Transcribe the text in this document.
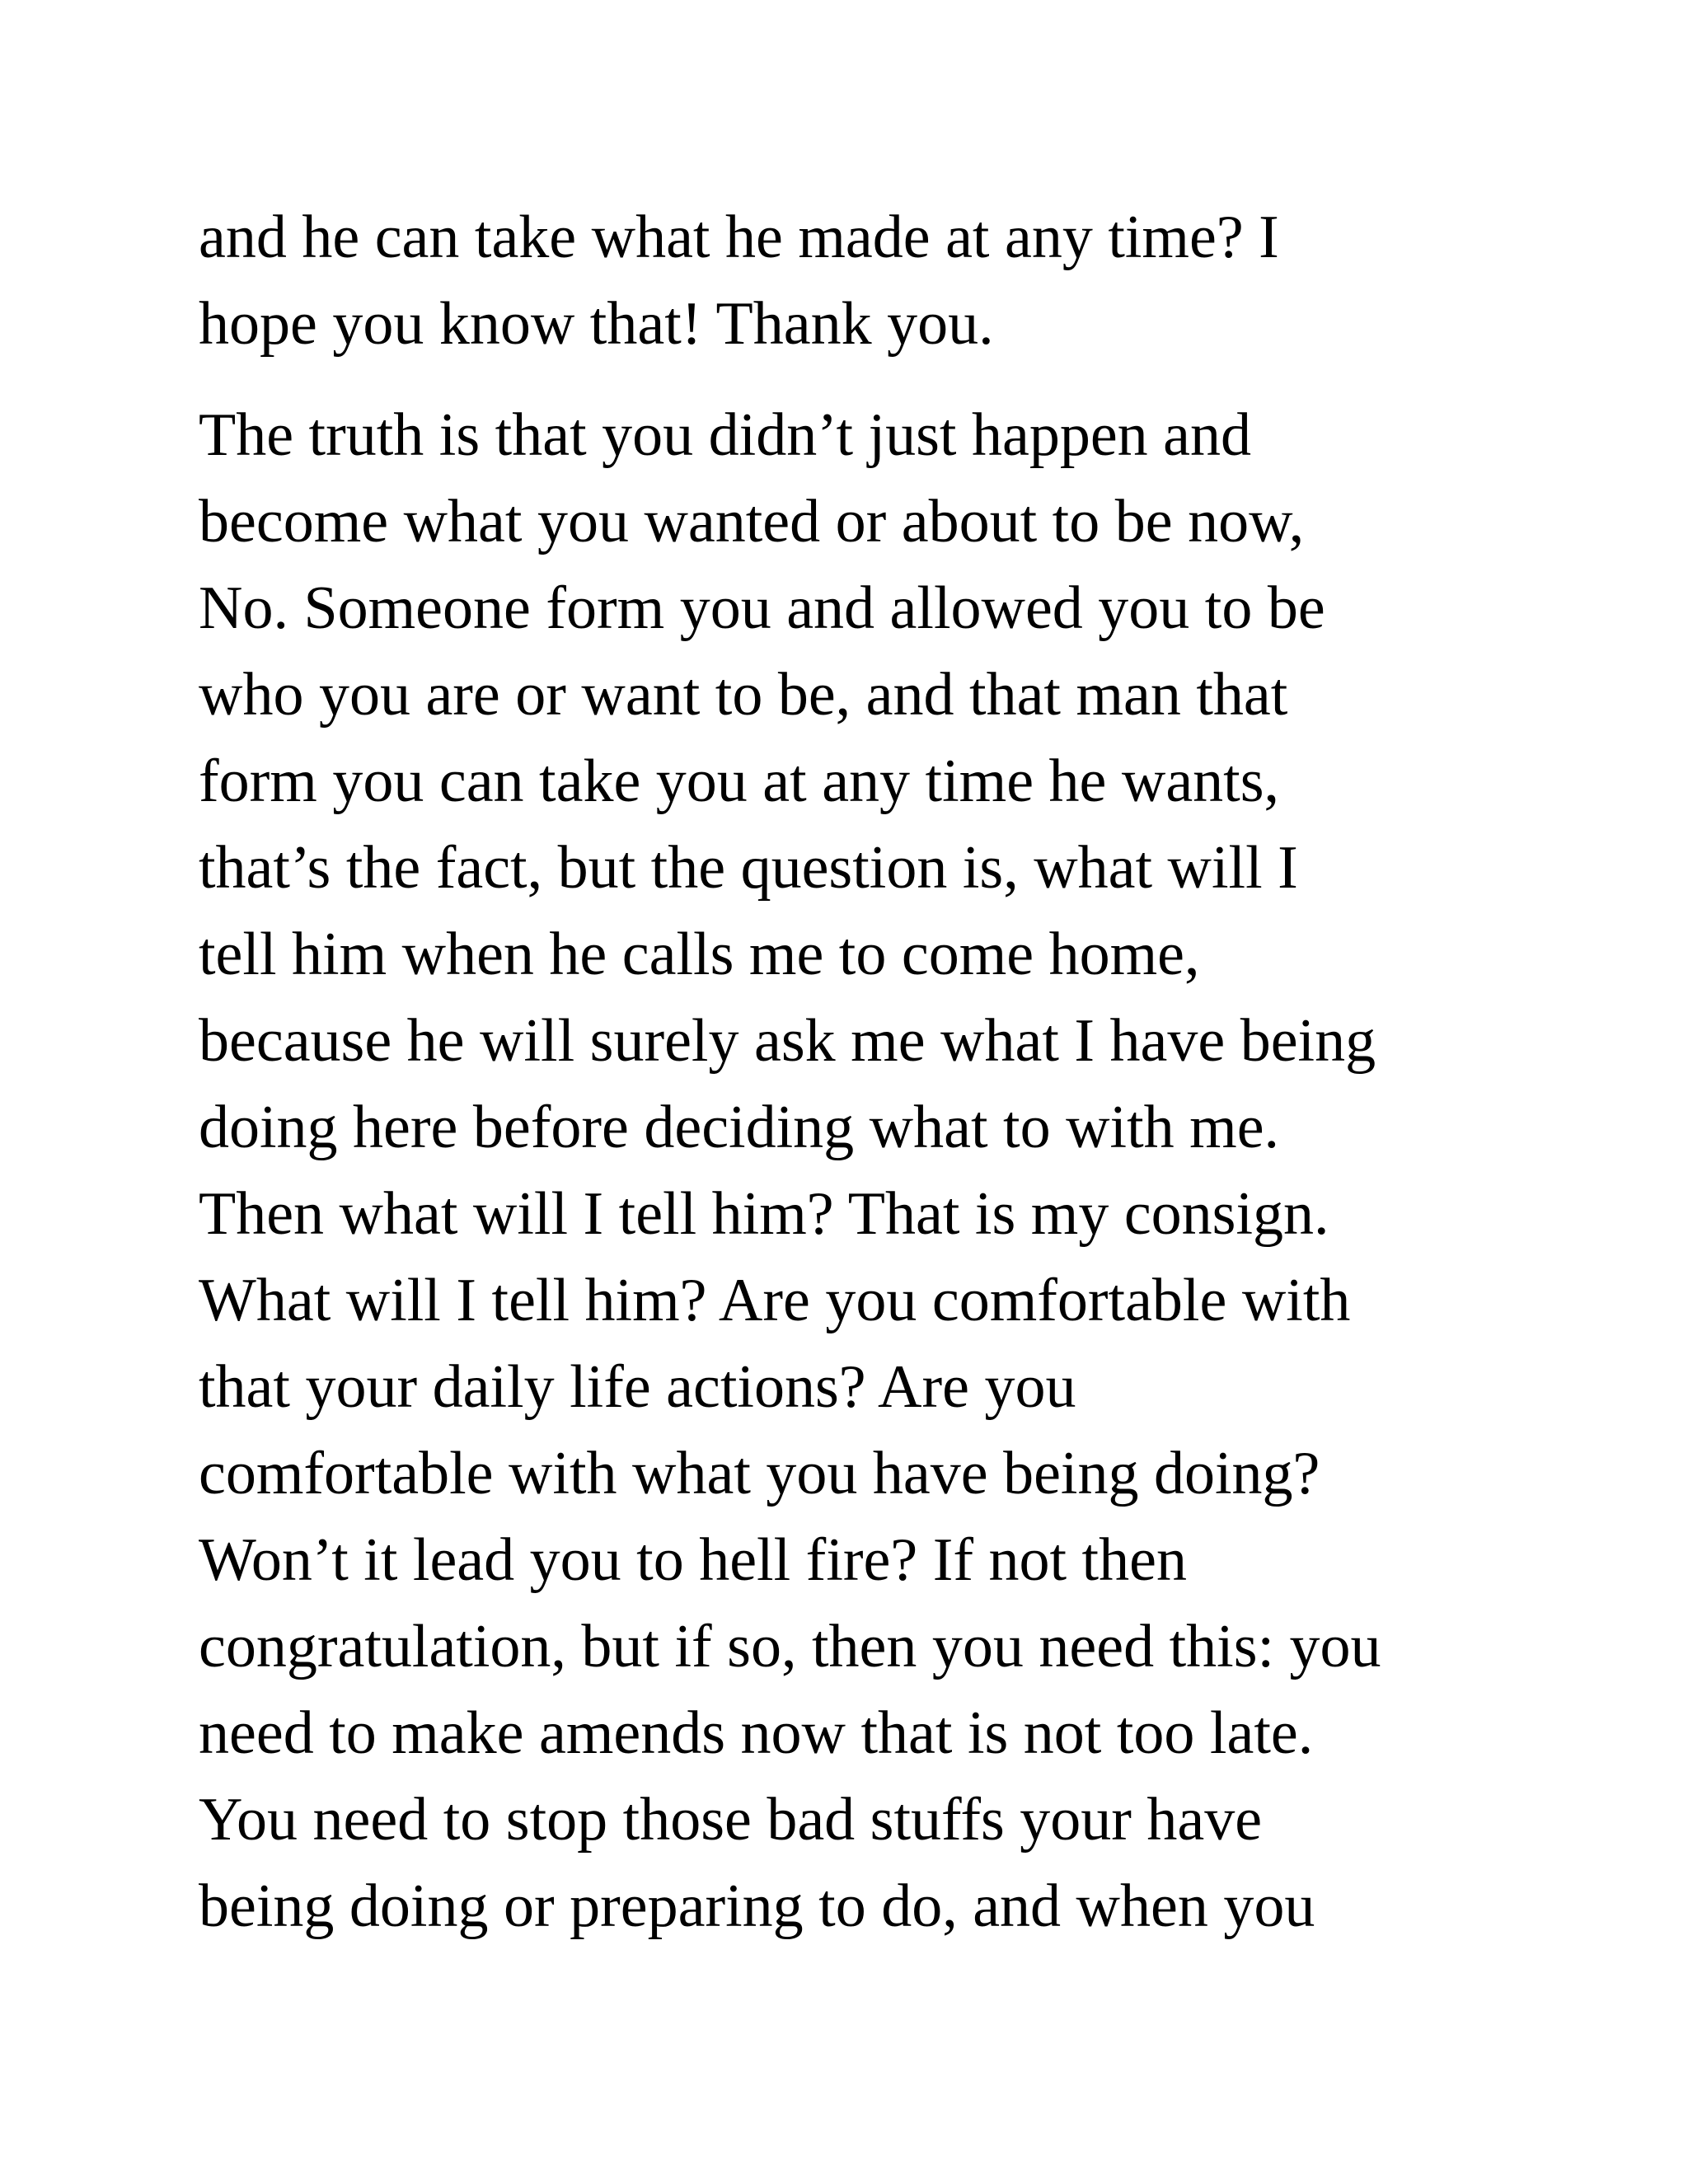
and he can take what he made at any time? I
hope you know that! Thank you.
The truth is that you didn’t just happen and
become what you wanted or about to be now,
No. Someone form you and allowed you to be
who you are or want to be, and that man that
form you can take you at any time he wants,
that’s the fact, but the question is, what will I
tell him when he calls me to come home,
because he will surely ask me what I have being
doing here before deciding what to with me.
Then what will I tell him? That is my consign.
What will I tell him? Are you comfortable with
that your daily life actions? Are you
comfortable with what you have being doing?
Won’t it lead you to hell fire? If not then
congratulation, but if so, then you need this: you
need to make amends now that is not too late.
You need to stop those bad stuffs your have
being doing or preparing to do, and when you
